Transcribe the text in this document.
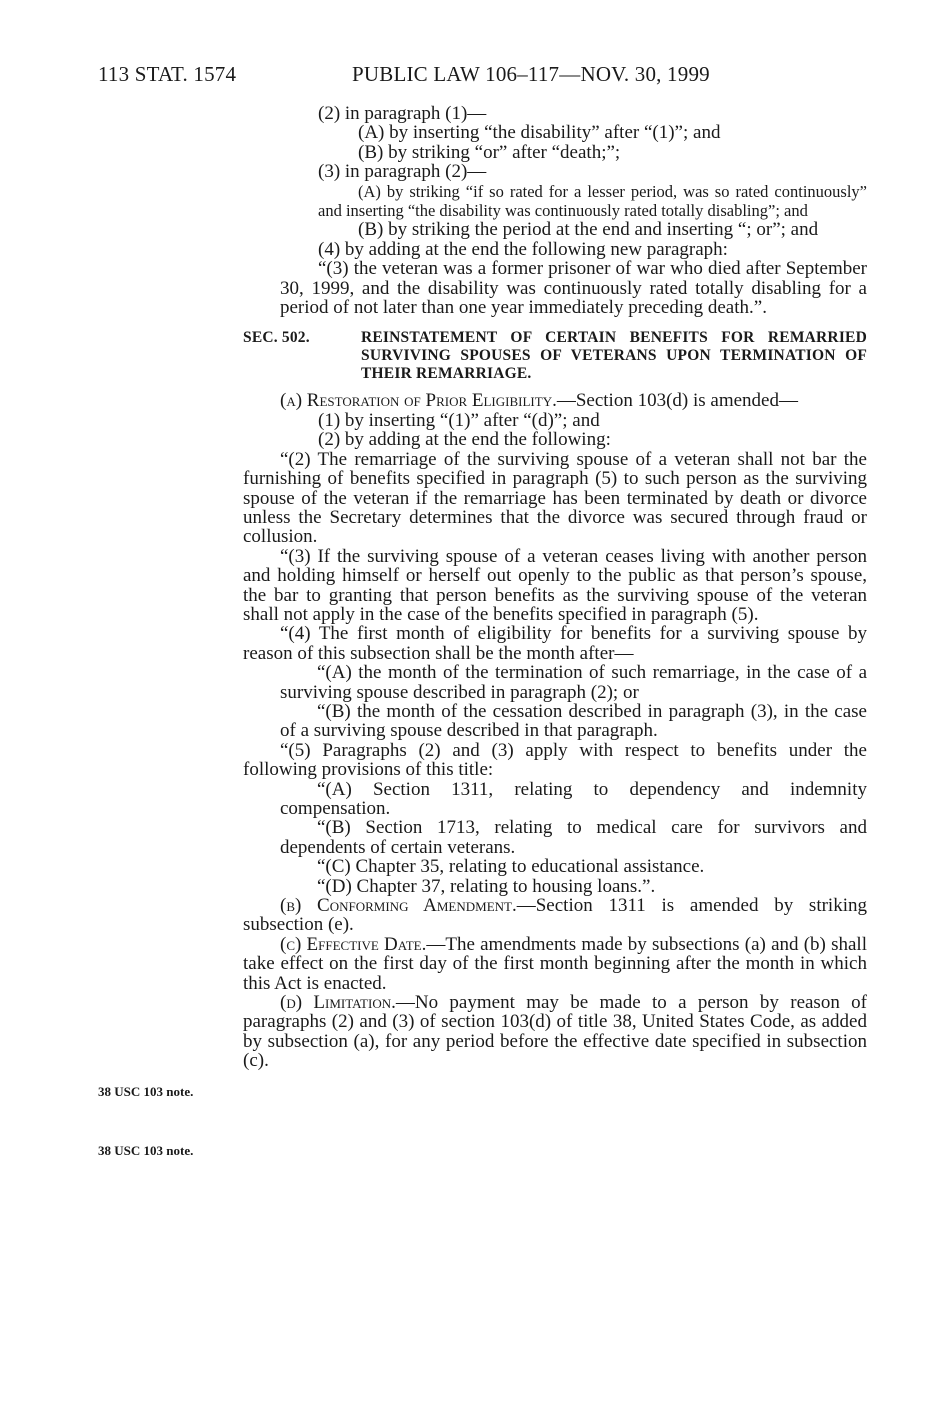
113 STAT. 1574	PUBLIC LAW 106–117—NOV. 30, 1999
38 USC 103 note.
38 USC 103 note.

(2) in paragraph (1)—

(A) by inserting “the disability” after “(1)”; and

(B) by striking “or” after “death;”;

(3) in paragraph (2)—

(A) by striking “if so rated for a lesser period, was so rated continuously” and inserting “the disability was continuously rated totally disabling”; and

(B) by striking the period at the end and inserting “; or”; and

(4) by adding at the end the following new paragraph:

“(3) the veteran was a former prisoner of war who died after September 30, 1999, and the disability was continuously rated totally disabling for a period of not later than one year immediately preceding death.”.

SEC. 502.	REINSTATEMENT OF CERTAIN BENEFITS FOR REMARRIED SURVIVING SPOUSES OF VETERANS UPON TERMINATION OF THEIR REMARRIAGE.

(a) Restoration of Prior Eligibility.—Section 103(d) is amended—

(1) by inserting “(1)” after “(d)”; and

(2) by adding at the end the following:

“(2) The remarriage of the surviving spouse of a veteran shall not bar the furnishing of benefits specified in paragraph (5) to such person as the surviving spouse of the veteran if the remarriage has been terminated by death or divorce unless the Secretary determines that the divorce was secured through fraud or collusion.

“(3) If the surviving spouse of a veteran ceases living with another person and holding himself or herself out openly to the public as that person’s spouse, the bar to granting that person benefits as the surviving spouse of the veteran shall not apply in the case of the benefits specified in paragraph (5).

“(4) The first month of eligibility for benefits for a surviving spouse by reason of this subsection shall be the month after—

“(A) the month of the termination of such remarriage, in the case of a surviving spouse described in paragraph (2); or

“(B) the month of the cessation described in paragraph (3), in the case of a surviving spouse described in that paragraph.

“(5) Paragraphs (2) and (3) apply with respect to benefits under the following provisions of this title:

“(A) Section 1311, relating to dependency and indemnity compensation.

“(B) Section 1713, relating to medical care for survivors and dependents of certain veterans.

“(C) Chapter 35, relating to educational assistance.

“(D) Chapter 37, relating to housing loans.”.

(b) Conforming Amendment.—Section 1311 is amended by striking subsection (e).

(c) Effective Date.—The amendments made by subsections (a) and (b) shall take effect on the first day of the first month beginning after the month in which this Act is enacted.

(d) Limitation.—No payment may be made to a person by reason of paragraphs (2) and (3) of section 103(d) of title 38, United States Code, as added by subsection (a), for any period before the effective date specified in subsection (c).
